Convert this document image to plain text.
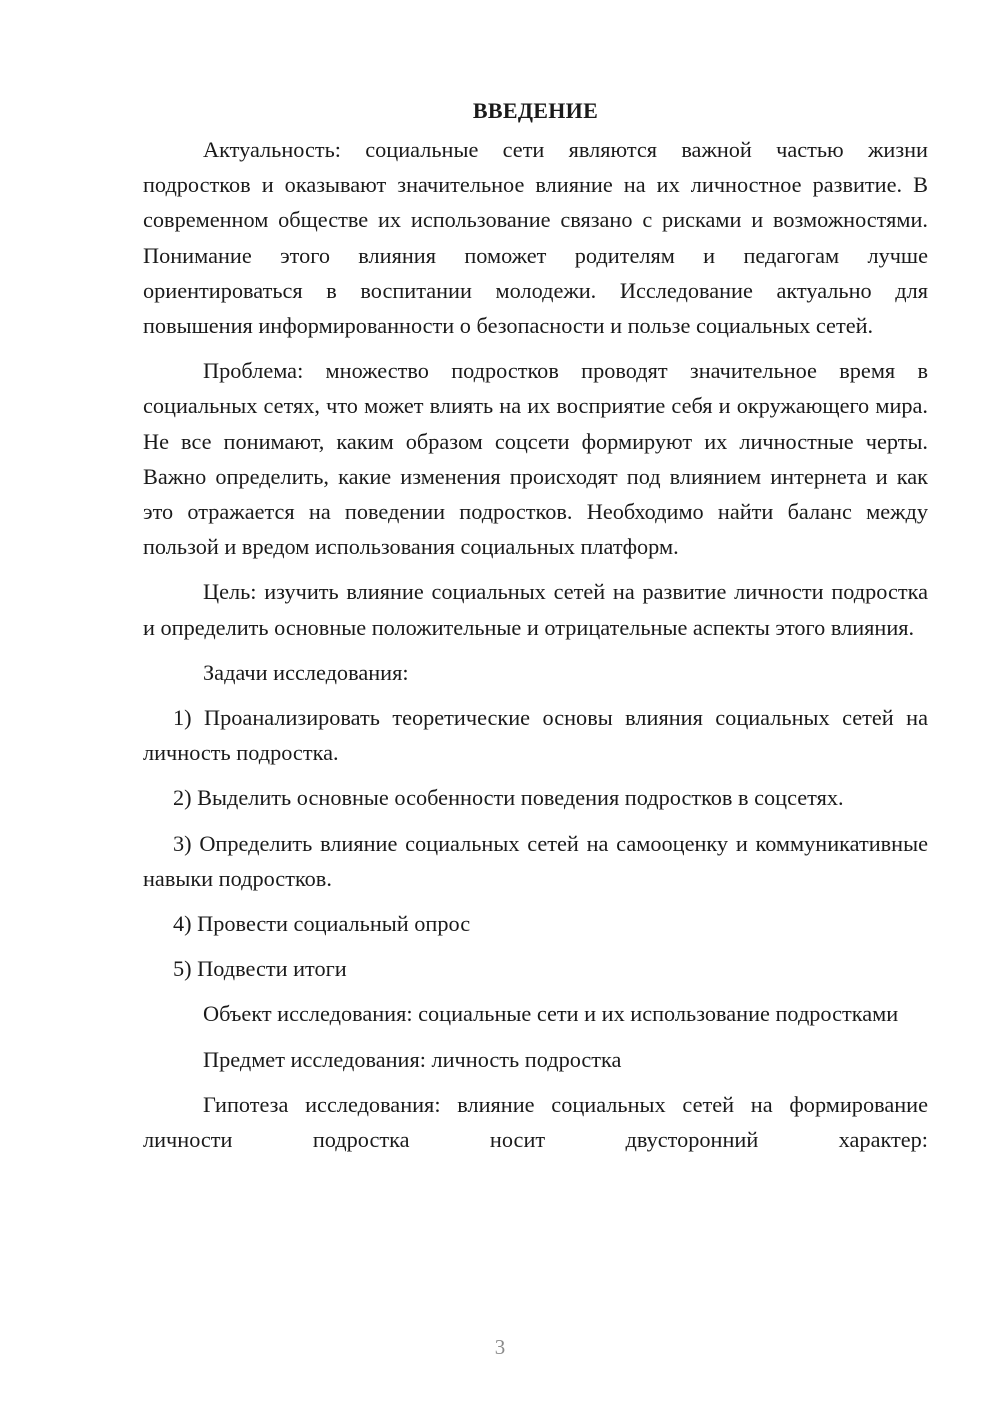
ВВЕДЕНИЕ

Актуальность: социальные сети являются важной частью жизни подростков и оказывают значительное влияние на их личностное развитие. В современном обществе их использование связано с рисками и возможностями. Понимание этого влияния поможет родителям и педагогам лучше ориентироваться в воспитании молодежи. Исследование актуально для повышения информированности о безопасности и пользе социальных сетей.

Проблема: множество подростков проводят значительное время в социальных сетях, что может влиять на их восприятие себя и окружающего мира. Не все понимают, каким образом соцсети формируют их личностные черты. Важно определить, какие изменения происходят под влиянием интернета и как это отражается на поведении подростков. Необходимо найти баланс между пользой и вредом использования социальных платформ.

Цель: изучить влияние социальных сетей на развитие личности подростка и определить основные положительные и отрицательные аспекты этого влияния.

Задачи исследования:

1) Проанализировать теоретические основы влияния социальных сетей на личность подростка.

2) Выделить основные особенности поведения подростков в соцсетях.

3) Определить влияние социальных сетей на самооценку и коммуникативные навыки подростков.

4) Провести социальный опрос

5) Подвести итоги

Объект исследования: социальные сети и их использование подростками

Предмет исследования: личность подростка

Гипотеза исследования: влияние социальных сетей на формирование личности подростка носит двусторонний характер:

3
